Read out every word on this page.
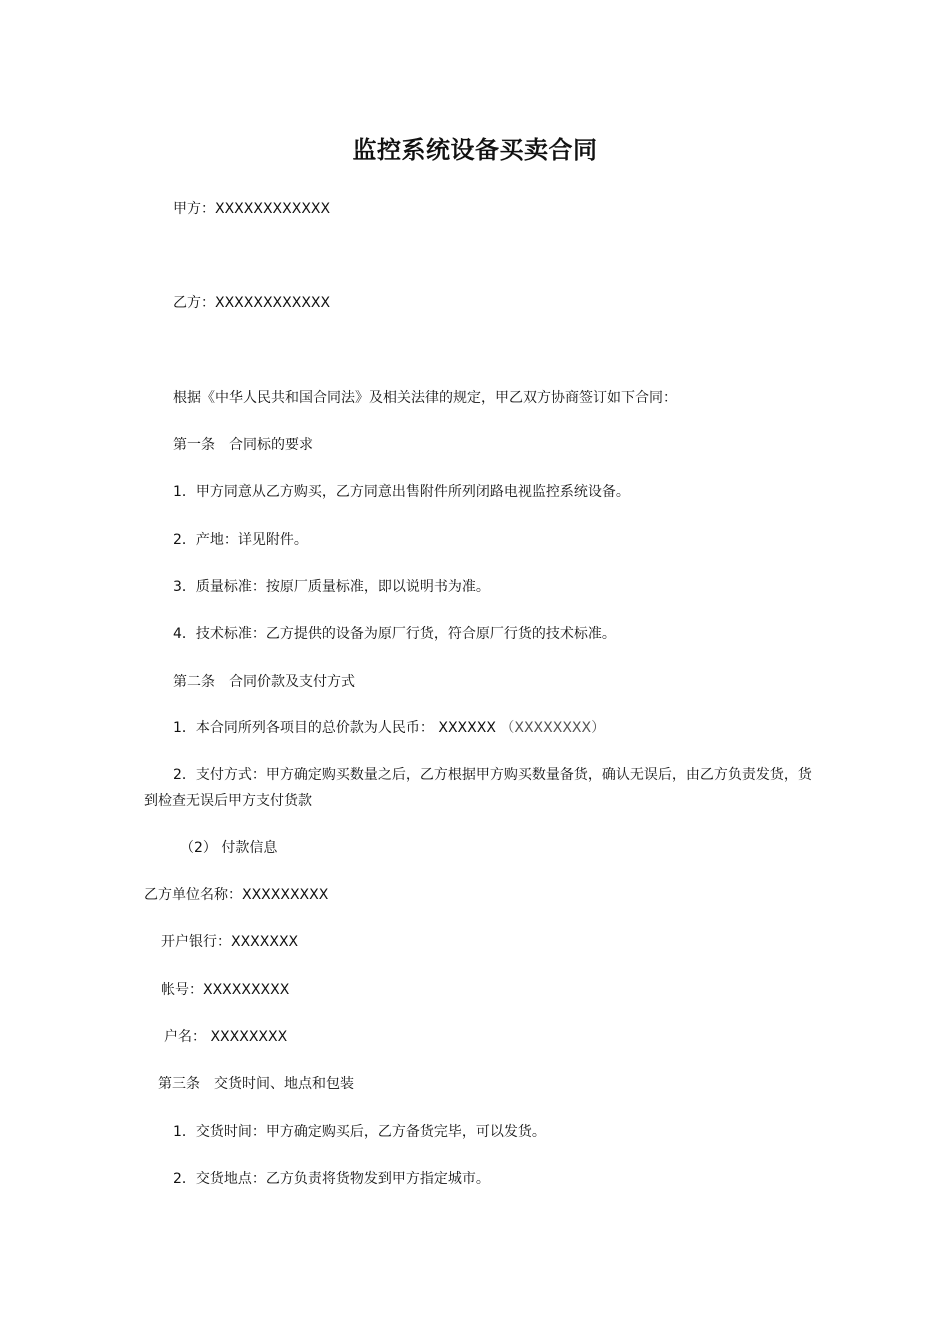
监控系统设备买卖合同
甲方：XXXXXXXXXXXX
乙方：XXXXXXXXXXXX
根据《中华人民共和国合同法》及相关法律的规定，甲乙双方协商签订如下合同：
第一条 合同标的要求
1．甲方同意从乙方购买，乙方同意出售附件所列闭路电视监控系统设备。
2．产地：详见附件。
3．质量标准：按原厂质量标准，即以说明书为准。
4．技术标准：乙方提供的设备为原厂行货，符合原厂行货的技术标准。
第二条 合同价款及支付方式
1．本合同所列各项目的总价款为人民币： XXXXXX （XXXXXXXX）
2．支付方式：甲方确定购买数量之后，乙方根据甲方购买数量备货，确认无误后，由乙方负责发货，货到检查无误后甲方支付货款
（2） 付款信息
乙方单位名称：XXXXXXXXX
开户银行：XXXXXXX
帐号：XXXXXXXXX
户名： XXXXXXXX
第三条 交货时间、地点和包装
1．交货时间：甲方确定购买后，乙方备货完毕，可以发货。
2．交货地点：乙方负责将货物发到甲方指定城市。
